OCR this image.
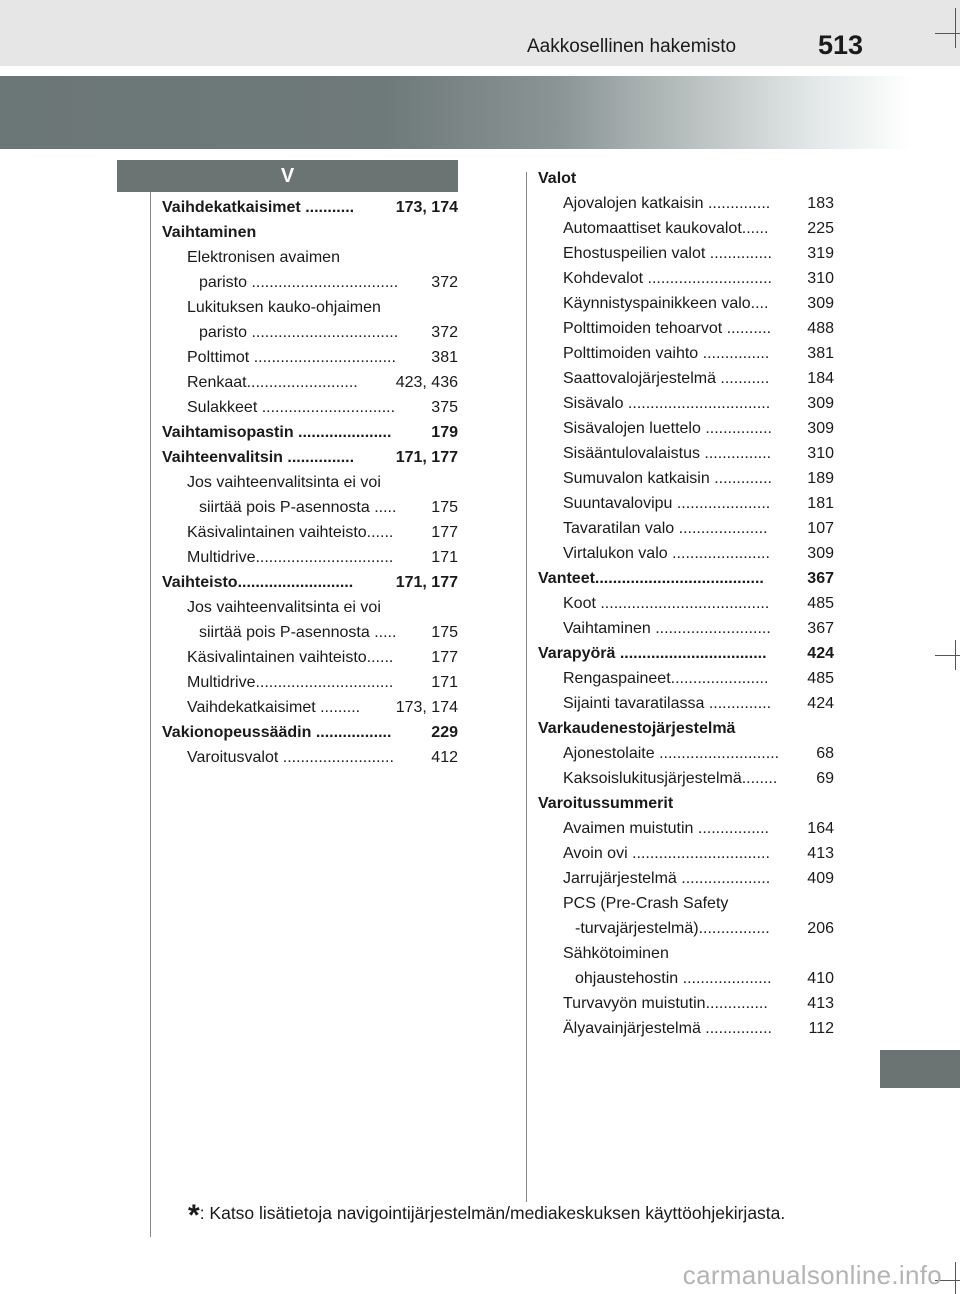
Aakkosellinen hakemisto	513
V
Vaihdekatkaisimet ...........	173, 174
Vaihtaminen
Elektronisen avaimen
paristo ................................. 372
Lukituksen kauko-ohjaimen
paristo ................................. 372
Polttimot ................................ 381
Renkaat......................... 423, 436
Sulakkeet .............................. 375
Vaihtamisopastin ..................... 179
Vaihteenvalitsin ...............	171, 177
Jos vaihteenvalitsinta ei voi
siirtää pois P-asennosta ..... 175
Käsivalintainen vaihteisto...... 177
Multidrive............................... 171
Vaihteisto..........................	171, 177
Jos vaihteenvalitsinta ei voi
siirtää pois P-asennosta ..... 175
Käsivalintainen vaihteisto...... 177
Multidrive............................... 171
Vaihdekatkaisimet ......... 173, 174
Vakionopeussäädin ................. 229
Varoitusvalot ......................... 412
Valot
Ajovalojen katkaisin .............. 183
Automaattiset kaukovalot...... 225
Ehostuspeilien valot .............. 319
Kohdevalot ............................ 310
Käynnistyspainikkeen valo.... 309
Polttimoiden tehoarvot .......... 488
Polttimoiden vaihto ............... 381
Saattovalojärjestelmä ........... 184
Sisävalo ................................ 309
Sisävalojen luettelo ............... 309
Sisääntulovalaistus ............... 310
Sumuvalon katkaisin ............. 189
Suuntavalovipu ..................... 181
Tavaratilan valo .................... 107
Virtalukon valo ...................... 309
Vanteet......................................	367
Koot ...................................... 485
Vaihtaminen .......................... 367
Varapyörä .................................	424
Rengaspaineet...................... 485
Sijainti tavaratilassa .............. 424
Varkaudenestojärjestelmä
Ajonestolaite ........................... 68
Kaksoislukitusjärjestelmä........ 69
Varoitussummerit
Avaimen muistutin ................ 164
Avoin ovi ............................... 413
Jarrujärjestelmä .................... 409
PCS (Pre-Crash Safety
-turvajärjestelmä)................ 206
Sähkötoiminen
ohjaustehostin .................... 410
Turvavyön muistutin.............. 413
Älyavainjärjestelmä ............... 112
*: Katso lisätietoja navigointijärjestelmän/mediakeskuksen käyttöohjekirjasta.
carmanualsonline.info
